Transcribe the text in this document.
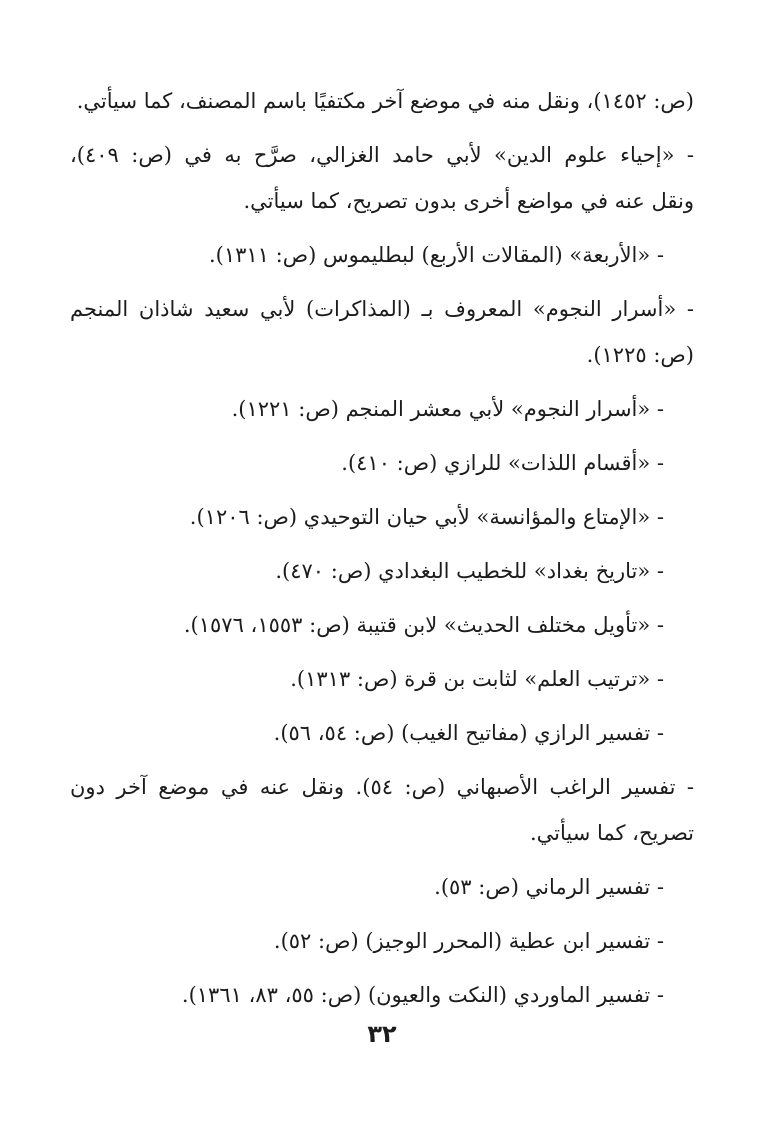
(ص: ١٤٥٢)، ونقل منه في موضع آخر مكتفيًا باسم المصنف، كما سيأتي.
- «إحياء علوم الدين» لأبي حامد الغزالي، صرَّح به في (ص: ٤٠٩)،
ونقل عنه في مواضع أخرى بدون تصريح، كما سيأتي.
- «الأربعة» (المقالات الأربع) لبطليموس (ص: ١٣١١).
- «أسرار النجوم» المعروف بـ (المذاكرات) لأبي سعيد شاذان المنجم
(ص: ١٢٢٥).
- «أسرار النجوم» لأبي معشر المنجم (ص: ١٢٢١).
- «أقسام اللذات» للرازي (ص: ٤١٠).
- «الإمتاع والمؤانسة» لأبي حيان التوحيدي (ص: ١٢٠٦).
- «تاريخ بغداد» للخطيب البغدادي (ص: ٤٧٠).
- «تأويل مختلف الحديث» لابن قتيبة (ص: ١٥٥٣، ١٥٧٦).
- «ترتيب العلم» لثابت بن قرة (ص: ١٣١٣).
- تفسير الرازي (مفاتيح الغيب) (ص: ٥٤، ٥٦).
- تفسير الراغب الأصبهاني (ص: ٥٤). ونقل عنه في موضع آخر دون
تصريح، كما سيأتي.
- تفسير الرماني (ص: ٥٣).
- تفسير ابن عطية (المحرر الوجيز) (ص: ٥٢).
- تفسير الماوردي (النكت والعيون) (ص: ٥٥، ٨٣، ١٣٦١).
٣٢
